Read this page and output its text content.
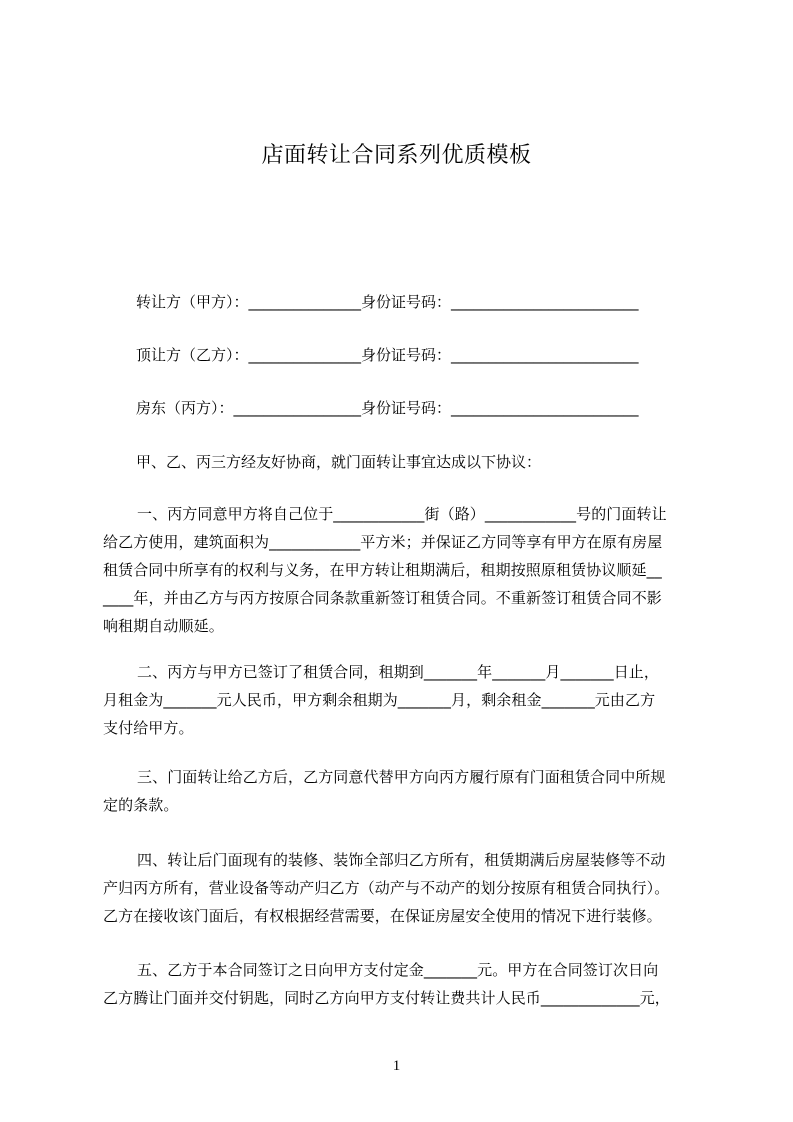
店面转让合同系列优质模板
转让方（甲方）：_______________身份证号码：_________________________
顶让方（乙方）：_______________身份证号码：_________________________
房东（丙方）：_________________身份证号码：_________________________
甲、乙、丙三方经友好协商，就门面转让事宜达成以下协议：
一、丙方同意甲方将自己位于____________街（路）____________号的门面转让
给乙方使用，建筑面积为____________平方米；并保证乙方同等享有甲方在原有房屋
租赁合同中所享有的权利与义务，在甲方转让租期满后，租期按照原租赁协议顺延__
____年，并由乙方与丙方按原合同条款重新签订租赁合同。不重新签订租赁合同不影
响租期自动顺延。
二、丙方与甲方已签订了租赁合同，租期到_______年_______月_______日止，
月租金为_______元人民币，甲方剩余租期为_______月，剩余租金_______元由乙方
支付给甲方。
三、门面转让给乙方后，乙方同意代替甲方向丙方履行原有门面租赁合同中所规
定的条款。
四、转让后门面现有的装修、装饰全部归乙方所有，租赁期满后房屋装修等不动
产归丙方所有，营业设备等动产归乙方（动产与不动产的划分按原有租赁合同执行）。
乙方在接收该门面后，有权根据经营需要，在保证房屋安全使用的情况下进行装修。
五、乙方于本合同签订之日向甲方支付定金_______元。甲方在合同签订次日向
乙方腾让门面并交付钥匙，同时乙方向甲方支付转让费共计人民币_____________元，
1
